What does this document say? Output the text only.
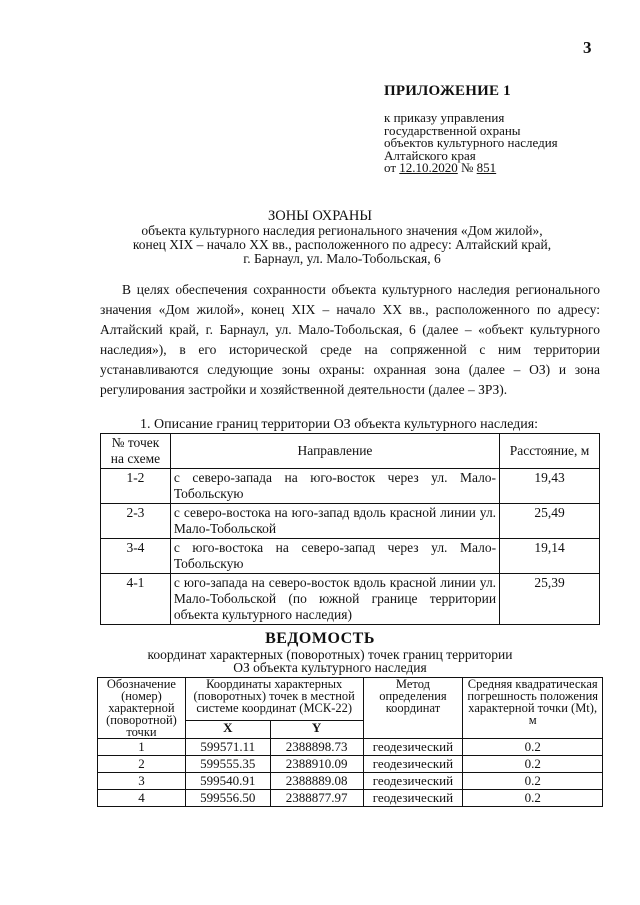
3
ПРИЛОЖЕНИЕ 1
к приказу управления
государственной охраны
объектов культурного наследия
Алтайского края
от 12.10.2020 № 851
ЗОНЫ ОХРАНЫ
объекта культурного наследия регионального значения «Дом жилой», конец XIX – начало XX вв., расположенного по адресу: Алтайский край, г. Барнаул, ул. Мало-Тобольская, 6
В целях обеспечения сохранности объекта культурного наследия регионального значения «Дом жилой», конец XIX – начало XX вв., расположенного по адресу: Алтайский край, г. Барнаул, ул. Мало-Тобольская, 6 (далее – «объект культурного наследия»), в его исторической среде на сопряженной с ним территории устанавливаются следующие зоны охраны: охранная зона (далее – ОЗ) и зона регулирования застройки и хозяйственной деятельности (далее – ЗРЗ).
1. Описание границ территории ОЗ объекта культурного наследия:
№ точек на схеме	Направление	Расстояние, м
1-2	с северо-запада на юго-восток через ул. Мало-Тобольскую	19,43
2-3	с северо-востока на юго-запад вдоль красной линии ул. Мало-Тобольской	25,49
3-4	с юго-востока на северо-запад через ул. Мало-Тобольскую	19,14
4-1	с юго-запада на северо-восток вдоль красной линии ул. Мало-Тобольской (по южной границе территории объекта культурного наследия)	25,39
ВЕДОМОСТЬ
координат характерных (поворотных) точек границ территории ОЗ объекта культурного наследия
Обозначение (номер) характерной (поворотной) точки	Координаты характерных (поворотных) точек в местной системе координат (МСК-22)		Метод определения координат	Средняя квадратическая погрешность положения характерной точки (Mt), м
	X	Y		
1	599571.11	2388898.73	геодезический	0.2
2	599555.35	2388910.09	геодезический	0.2
3	599540.91	2388889.08	геодезический	0.2
4	599556.50	2388877.97	геодезический	0.2
